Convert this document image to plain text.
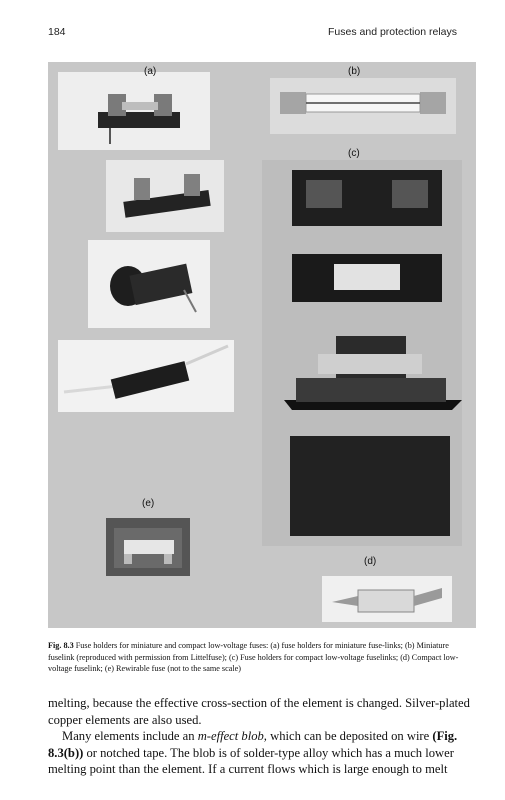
184	Fuses and protection relays
(a)
(e)
(b)
(c)
(d)
Fig. 8.3 Fuse holders for miniature and compact low-voltage fuses: (a) fuse holders for miniature fuse-links; (b) Miniature fuselink (reproduced with permission from Littelfuse); (c) Fuse holders for compact low-voltage fuselinks; (d) Compact low-voltage fuselink; (e) Rewirable fuse (not to the same scale)

melting, because the effective cross-section of the element is changed. Silver-plated copper elements are also used.

Many elements include an m-effect blob, which can be deposited on wire (Fig. 8.3(b)) or notched tape. The blob is of solder-type alloy which has a much lower melting point than the element. If a current flows which is large enough to melt
